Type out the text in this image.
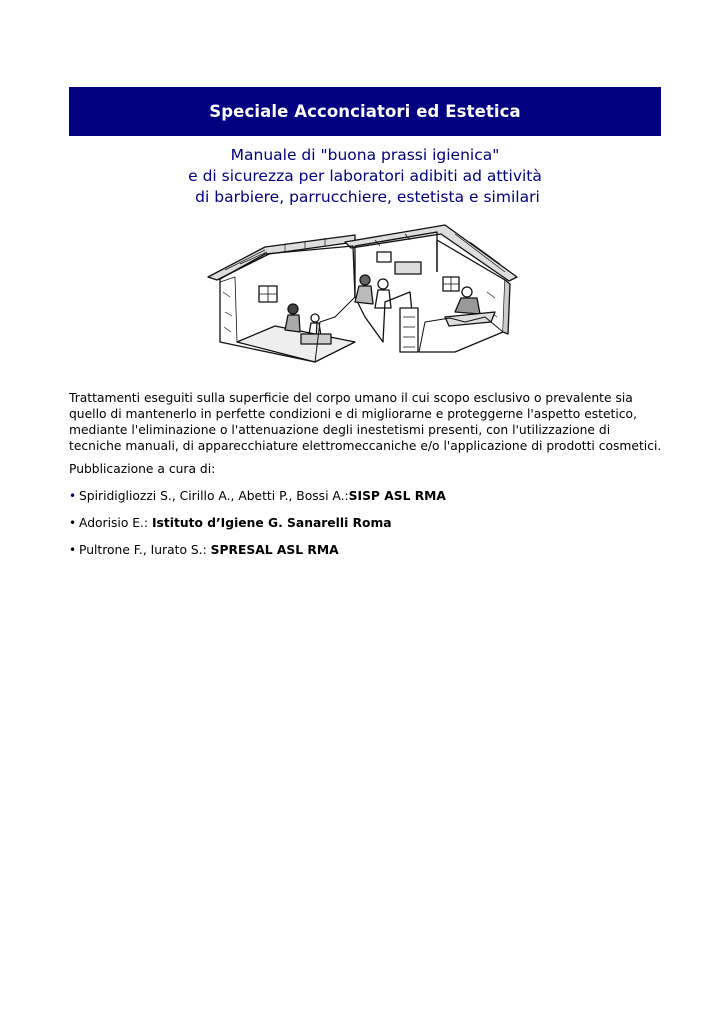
Speciale Acconciatori ed Estetica
Manuale di "buona prassi igienica"
e di sicurezza per laboratori adibiti ad attività
di barbiere, parrucchiere, estetista e similari
Trattamenti eseguiti sulla superficie del corpo umano il cui scopo esclusivo o prevalente sia
quello di mantenerlo in perfette condizioni e di migliorarne e proteggerne l'aspetto estetico,
mediante l'eliminazione o l'attenuazione degli inestetismi presenti, con l'utilizzazione di
tecniche manuali, di apparecchiature elettromeccaniche e/o l'applicazione di prodotti cosmetici.
Pubblicazione a cura di:
• Spiridigliozzi S., Cirillo A., Abetti P., Bossi A.: SISP ASL RMA
• Adorisio E.: Istituto d’Igiene G. Sanarelli Roma
• Pultrone F., Iurato S.: SPRESAL ASL RMA
